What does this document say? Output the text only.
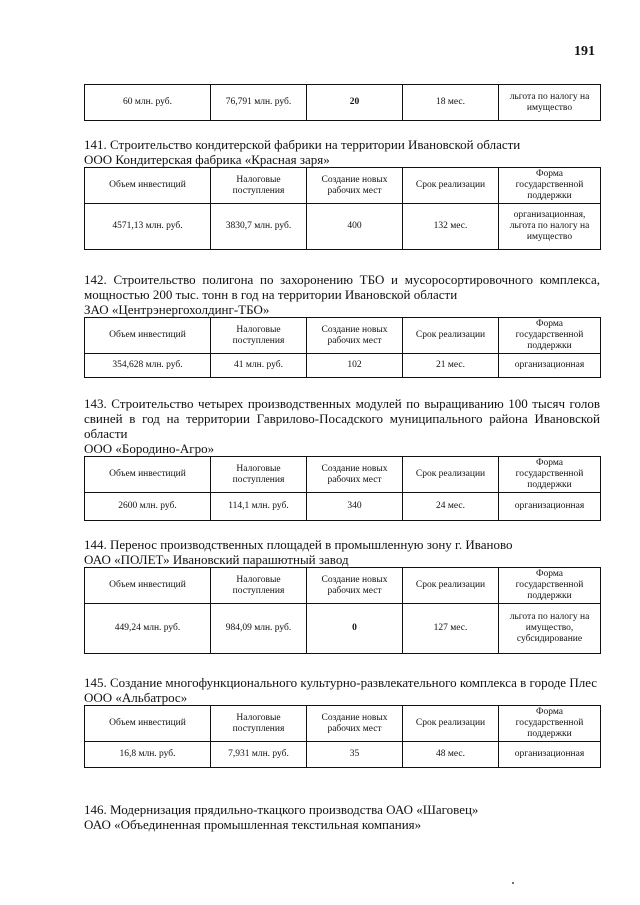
191
60 млн. руб.	76,791 млн. руб.	20	18 мес.	льгота по налогу на имущество
141. Строительство кондитерской фабрики на территории Ивановской области
ООО Кондитерская фабрика «Красная заря»
Объем инвестиций	Налоговые поступления	Создание новых рабочих мест	Срок реализации	Форма государственной поддержки
4571,13 млн. руб.	3830,7 млн. руб.	400	132 мес.	организационная, льгота по налогу на имущество
142. Строительство полигона по захоронению ТБО и мусоросортировочного комплекса, мощностью 200 тыс. тонн в год на территории Ивановской области
ЗАО «Центрэнергохолдинг-ТБО»
Объем инвестиций	Налоговые поступления	Создание новых рабочих мест	Срок реализации	Форма государственной поддержки
354,628 млн. руб.	41 млн. руб.	102	21 мес.	организационная
143. Строительство четырех производственных модулей по выращиванию 100 тысяч голов свиней в год на территории Гаврилово-Посадского муниципального района Ивановской области
ООО «Бородино-Агро»
Объем инвестиций	Налоговые поступления	Создание новых рабочих мест	Срок реализации	Форма государственной поддержки
2600 млн. руб.	114,1 млн. руб.	340	24 мес.	организационная
144. Перенос производственных площадей в промышленную зону г. Иваново
ОАО «ПОЛЕТ» Ивановский парашютный завод
Объем инвестиций	Налоговые поступления	Создание новых рабочих мест	Срок реализации	Форма государственной поддержки
449,24 млн. руб.	984,09 млн. руб.	0	127 мес.	льгота по налогу на имущество, субсидирование
145. Создание многофункционального культурно-развлекательного комплекса в городе Плес
ООО «Альбатрос»
Объем инвестиций	Налоговые поступления	Создание новых рабочих мест	Срок реализации	Форма государственной поддержки
16,8 млн. руб.	7,931 млн. руб.	35	48 мес.	организационная
146. Модернизация прядильно-ткацкого производства ОАО «Шаговец»
ОАО «Объединенная промышленная текстильная компания»
